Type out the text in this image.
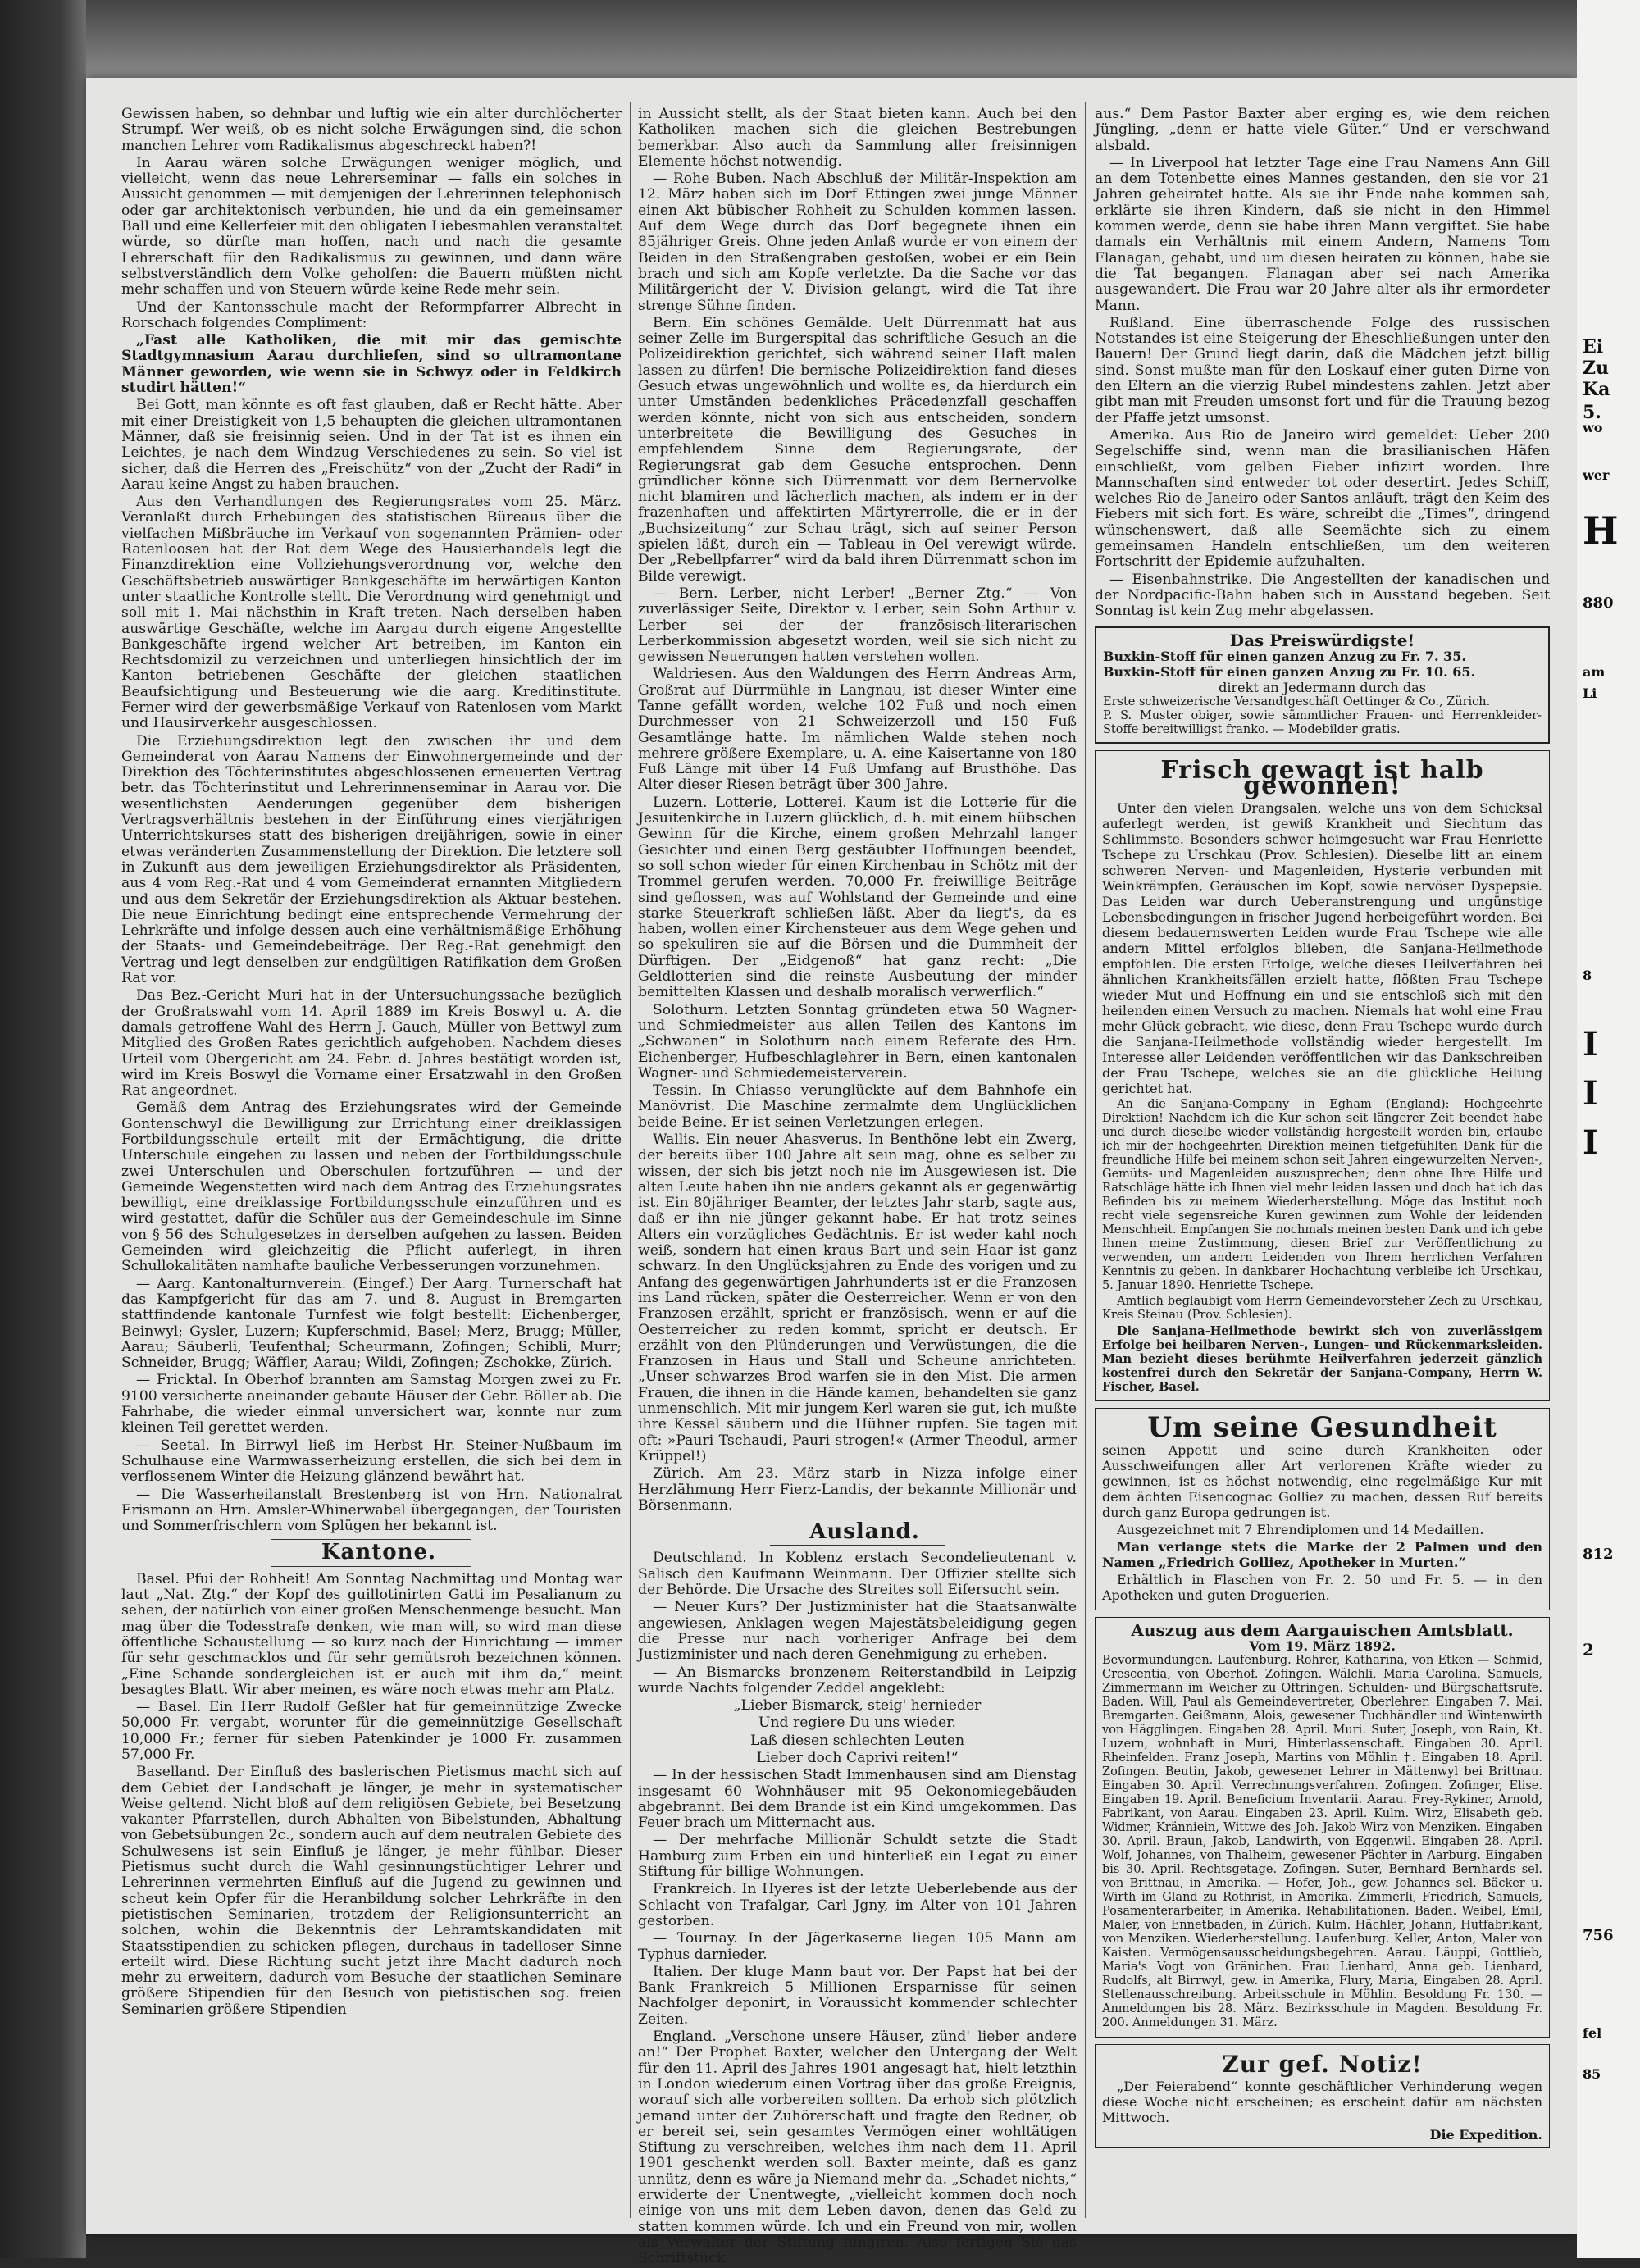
Gewissen haben, so dehnbar und luftig wie ein alter durchlöcherter Strumpf. Wer weiß, ob es nicht solche Erwägungen sind, die schon manchen Lehrer vom Radikalismus abgeschreckt haben?!

In Aarau wären solche Erwägungen weniger möglich, und vielleicht, wenn das neue Lehrerseminar — falls ein solches in Aussicht genommen — mit demjenigen der Lehrerinnen telephonisch oder gar architektonisch verbunden, hie und da ein gemeinsamer Ball und eine Kellerfeier mit den obligaten Liebesmahlen veranstaltet würde, so dürfte man hoffen, nach und nach die gesamte Lehrerschaft für den Radikalismus zu gewinnen, und dann wäre selbstverständlich dem Volke geholfen: die Bauern müßten nicht mehr schaffen und von Steuern würde keine Rede mehr sein.

Und der Kantonsschule macht der Reformpfarrer Albrecht in Rorschach folgendes Compliment:

„Fast alle Katholiken, die mit mir das gemischte Stadtgymnasium Aarau durchliefen, sind so ultramontane Männer geworden, wie wenn sie in Schwyz oder in Feldkirch studirt hätten!“

Bei Gott, man könnte es oft fast glauben, daß er Recht hätte. Aber mit einer Dreistigkeit von 1,5 behaupten die gleichen ultramontanen Männer, daß sie freisinnig seien. Und in der Tat ist es ihnen ein Leichtes, je nach dem Windzug Verschiedenes zu sein. So viel ist sicher, daß die Herren des „Freischütz“ von der „Zucht der Radi“ in Aarau keine Angst zu haben brauchen.

Aus den Verhandlungen des Regierungsrates vom 25. März. Veranlaßt durch Erhebungen des statistischen Büreaus über die vielfachen Mißbräuche im Verkauf von sogenannten Prämien- oder Ratenloosen hat der Rat dem Wege des Hausierhandels legt die Finanzdirektion eine Vollziehungsverordnung vor, welche den Geschäftsbetrieb auswärtiger Bankgeschäfte im herwärtigen Kanton unter staatliche Kontrolle stellt. Die Verordnung wird genehmigt und soll mit 1. Mai nächsthin in Kraft treten. Nach derselben haben auswärtige Geschäfte, welche im Aargau durch eigene Angestellte Bankgeschäfte irgend welcher Art betreiben, im Kanton ein Rechtsdomizil zu verzeichnen und unterliegen hinsichtlich der im Kanton betriebenen Geschäfte der gleichen staatlichen Beaufsichtigung und Besteuerung wie die aarg. Kreditinstitute. Ferner wird der gewerbsmäßige Verkauf von Ratenlosen vom Markt und Hausirverkehr ausgeschlossen.

Die Erziehungsdirektion legt den zwischen ihr und dem Gemeinderat von Aarau Namens der Einwohnergemeinde und der Direktion des Töchterinstitutes abgeschlossenen erneuerten Vertrag betr. das Töchterinstitut und Lehrerinnenseminar in Aarau vor. Die wesentlichsten Aenderungen gegenüber dem bisherigen Vertragsverhältnis bestehen in der Einführung eines vierjährigen Unterrichtskurses statt des bisherigen dreijährigen, sowie in einer etwas veränderten Zusammenstellung der Direktion. Die letztere soll in Zukunft aus dem jeweiligen Erziehungsdirektor als Präsidenten, aus 4 vom Reg.-Rat und 4 vom Gemeinderat ernannten Mitgliedern und aus dem Sekretär der Erziehungsdirektion als Aktuar bestehen. Die neue Einrichtung bedingt eine entsprechende Vermehrung der Lehrkräfte und infolge dessen auch eine verhältnismäßige Erhöhung der Staats- und Gemeindebeiträge. Der Reg.-Rat genehmigt den Vertrag und legt denselben zur endgültigen Ratifikation dem Großen Rat vor.

Das Bez.-Gericht Muri hat in der Untersuchungssache bezüglich der Großratswahl vom 14. April 1889 im Kreis Boswyl u. A. die damals getroffene Wahl des Herrn J. Gauch, Müller von Bettwyl zum Mitglied des Großen Rates gerichtlich aufgehoben. Nachdem dieses Urteil vom Obergericht am 24. Febr. d. Jahres bestätigt worden ist, wird im Kreis Boswyl die Vorname einer Ersatzwahl in den Großen Rat angeordnet.

Gemäß dem Antrag des Erziehungsrates wird der Gemeinde Gontenschwyl die Bewilligung zur Errichtung einer dreiklassigen Fortbildungsschule erteilt mit der Ermächtigung, die dritte Unterschule eingehen zu lassen und neben der Fortbildungsschule zwei Unterschulen und Oberschulen fortzuführen — und der Gemeinde Wegenstetten wird nach dem Antrag des Erziehungsrates bewilligt, eine dreiklassige Fortbildungsschule einzuführen und es wird gestattet, dafür die Schüler aus der Gemeindeschule im Sinne von § 56 des Schulgesetzes in derselben aufgehen zu lassen. Beiden Gemeinden wird gleichzeitig die Pflicht auferlegt, in ihren Schullokalitäten namhafte bauliche Verbesserungen vorzunehmen.

— Aarg. Kantonalturnverein. (Eingef.) Der Aarg. Turnerschaft hat das Kampfgericht für das am 7. und 8. August in Bremgarten stattfindende kantonale Turnfest wie folgt bestellt: Eichenberger, Beinwyl; Gysler, Luzern; Kupferschmid, Basel; Merz, Brugg; Müller, Aarau; Säuberli, Teufenthal; Scheurmann, Zofingen; Schibli, Murr; Schneider, Brugg; Wäffler, Aarau; Wildi, Zofingen; Zschokke, Zürich.

— Fricktal. In Oberhof brannten am Samstag Morgen zwei zu Fr. 9100 versicherte aneinander gebaute Häuser der Gebr. Böller ab. Die Fahrhabe, die wieder einmal unversichert war, konnte nur zum kleinen Teil gerettet werden.

— Seetal. In Birrwyl ließ im Herbst Hr. Steiner-Nußbaum im Schulhause eine Warmwasserheizung erstellen, die sich bei dem in verflossenem Winter die Heizung glänzend bewährt hat.

— Die Wasserheilanstalt Brestenberg ist von Hrn. Nationalrat Erismann an Hrn. Amsler-Whinerwabel übergegangen, der Touristen und Sommerfrischlern vom Splügen her bekannt ist.

Kantone.

Basel. Pfui der Rohheit! Am Sonntag Nachmittag und Montag war laut „Nat. Ztg.“ der Kopf des guillotinirten Gatti im Pesalianum zu sehen, der natürlich von einer großen Menschenmenge besucht. Man mag über die Todesstrafe denken, wie man will, so wird man diese öffentliche Schaustellung — so kurz nach der Hinrichtung — immer für sehr geschmacklos und für sehr gemütsroh bezeichnen können. „Eine Schande sondergleichen ist er auch mit ihm da,“ meint besagtes Blatt. Wir aber meinen, es wäre noch etwas mehr am Platz.

— Basel. Ein Herr Rudolf Geßler hat für gemeinnützige Zwecke 50,000 Fr. vergabt, worunter für die gemeinnützige Gesellschaft 10,000 Fr.; ferner für sieben Patenkinder je 1000 Fr. zusammen 57,000 Fr.

Baselland. Der Einfluß des baslerischen Pietismus macht sich auf dem Gebiet der Landschaft je länger, je mehr in systematischer Weise geltend. Nicht bloß auf dem religiösen Gebiete, bei Besetzung vakanter Pfarrstellen, durch Abhalten von Bibelstunden, Abhaltung von Gebetsübungen 2c., sondern auch auf dem neutralen Gebiete des Schulwesens ist sein Einfluß je länger, je mehr fühlbar. Dieser Pietismus sucht durch die Wahl gesinnungstüchtiger Lehrer und Lehrerinnen vermehrten Einfluß auf die Jugend zu gewinnen und scheut kein Opfer für die Heranbildung solcher Lehrkräfte in den pietistischen Seminarien, trotzdem der Religionsunterricht an solchen, wohin die Bekenntnis der Lehramtskandidaten mit Staatsstipendien zu schicken pflegen, durchaus in tadelloser Sinne erteilt wird. Diese Richtung sucht jetzt ihre Macht dadurch noch mehr zu erweitern, dadurch vom Besuche der staatlichen Seminare größere Stipendien für den Besuch von pietistischen sog. freien Seminarien größere Stipendien

in Aussicht stellt, als der Staat bieten kann. Auch bei den Katholiken machen sich die gleichen Bestrebungen bemerkbar. Also auch da Sammlung aller freisinnigen Elemente höchst notwendig.

— Rohe Buben. Nach Abschluß der Militär-Inspektion am 12. März haben sich im Dorf Ettingen zwei junge Männer einen Akt bübischer Rohheit zu Schulden kommen lassen. Auf dem Wege durch das Dorf begegnete ihnen ein 85jähriger Greis. Ohne jeden Anlaß wurde er von einem der Beiden in den Straßengraben gestoßen, wobei er ein Bein brach und sich am Kopfe verletzte. Da die Sache vor das Militärgericht der V. Division gelangt, wird die Tat ihre strenge Sühne finden.

Bern. Ein schönes Gemälde. Uelt Dürrenmatt hat aus seiner Zelle im Burgerspital das schriftliche Gesuch an die Polizeidirektion gerichtet, sich während seiner Haft malen lassen zu dürfen! Die bernische Polizeidirektion fand dieses Gesuch etwas ungewöhnlich und wollte es, da hierdurch ein unter Umständen bedenkliches Präcedenzfall geschaffen werden könnte, nicht von sich aus entscheiden, sondern unterbreitete die Bewilligung des Gesuches in empfehlendem Sinne dem Regierungsrate, der Regierungsrat gab dem Gesuche entsprochen. Denn gründlicher könne sich Dürrenmatt vor dem Bernervolke nicht blamiren und lächerlich machen, als indem er in der frazenhaften und affektirten Märtyrerrolle, die er in der „Buchsizeitung“ zur Schau trägt, sich auf seiner Person spielen läßt, durch ein — Tableau in Oel verewigt würde. Der „Rebellpfarrer“ wird da bald ihren Dürrenmatt schon im Bilde verewigt.

— Bern. Lerber, nicht Lerber! „Berner Ztg.“ — Von zuverlässiger Seite, Direktor v. Lerber, sein Sohn Arthur v. Lerber sei der der französisch-literarischen Lerberkommission abgesetzt worden, weil sie sich nicht zu gewissen Neuerungen hatten verstehen wollen.

Waldriesen. Aus den Waldungen des Herrn Andreas Arm, Großrat auf Dürrmühle in Langnau, ist dieser Winter eine Tanne gefällt worden, welche 102 Fuß und noch einen Durchmesser von 21 Schweizerzoll und 150 Fuß Gesamtlänge hatte. Im nämlichen Walde stehen noch mehrere größere Exemplare, u. A. eine Kaisertanne von 180 Fuß Länge mit über 14 Fuß Umfang auf Brusthöhe. Das Alter dieser Riesen beträgt über 300 Jahre.

Luzern. Lotterie, Lotterei. Kaum ist die Lotterie für die Jesuitenkirche in Luzern glücklich, d. h. mit einem hübschen Gewinn für die Kirche, einem großen Mehrzahl langer Gesichter und einen Berg gestäubter Hoffnungen beendet, so soll schon wieder für einen Kirchenbau in Schötz mit der Trommel gerufen werden. 70,000 Fr. freiwillige Beiträge sind geflossen, was auf Wohlstand der Gemeinde und eine starke Steuerkraft schließen läßt. Aber da liegt's, da es haben, wollen einer Kirchensteuer aus dem Wege gehen und so spekuliren sie auf die Börsen und die Dummheit der Dürftigen. Der „Eidgenoß“ hat ganz recht: „Die Geldlotterien sind die reinste Ausbeutung der minder bemittelten Klassen und deshalb moralisch verwerflich.“

Solothurn. Letzten Sonntag gründeten etwa 50 Wagner- und Schmiedmeister aus allen Teilen des Kantons im „Schwanen“ in Solothurn nach einem Referate des Hrn. Eichenberger, Hufbeschlaglehrer in Bern, einen kantonalen Wagner- und Schmiedemeisterverein.

Tessin. In Chiasso verunglückte auf dem Bahnhofe ein Manövrist. Die Maschine zermalmte dem Unglücklichen beide Beine. Er ist seinen Verletzungen erlegen.

Wallis. Ein neuer Ahasverus. In Benthöne lebt ein Zwerg, der bereits über 100 Jahre alt sein mag, ohne es selber zu wissen, der sich bis jetzt noch nie im Ausgewiesen ist. Die alten Leute haben ihn nie anders gekannt als er gegenwärtig ist. Ein 80jähriger Beamter, der letztes Jahr starb, sagte aus, daß er ihn nie jünger gekannt habe. Er hat trotz seines Alters ein vorzügliches Gedächtnis. Er ist weder kahl noch weiß, sondern hat einen kraus Bart und sein Haar ist ganz schwarz. In den Unglücksjahren zu Ende des vorigen und zu Anfang des gegenwärtigen Jahrhunderts ist er die Franzosen ins Land rücken, später die Oesterreicher. Wenn er von den Franzosen erzählt, spricht er französisch, wenn er auf die Oesterreicher zu reden kommt, spricht er deutsch. Er erzählt von den Plünderungen und Verwüstungen, die die Franzosen in Haus und Stall und Scheune anrichteten. „Unser schwarzes Brod warfen sie in den Mist. Die armen Frauen, die ihnen in die Hände kamen, behandelten sie ganz unmenschlich. Mit mir jungem Kerl waren sie gut, ich mußte ihre Kessel säubern und die Hühner rupfen. Sie tagen mit oft: »Pauri Tschaudi, Pauri strogen!« (Armer Theodul, armer Krüppel!)

Zürich. Am 23. März starb in Nizza infolge einer Herzlähmung Herr Fierz-Landis, der bekannte Millionär und Börsenmann.

Ausland.

Deutschland. In Koblenz erstach Secondelieutenant v. Salisch den Kaufmann Weinmann. Der Offizier stellte sich der Behörde. Die Ursache des Streites soll Eifersucht sein.

— Neuer Kurs? Der Justizminister hat die Staatsanwälte angewiesen, Anklagen wegen Majestätsbeleidigung gegen die Presse nur nach vorheriger Anfrage bei dem Justizminister und nach deren Genehmigung zu erheben.

— An Bismarcks bronzenem Reiterstandbild in Leipzig wurde Nachts folgender Zeddel angeklebt:

„Lieber Bismarck, steig' hernieder

Und regiere Du uns wieder.

Laß diesen schlechten Leuten

Lieber doch Caprivi reiten!“

— In der hessischen Stadt Immenhausen sind am Dienstag insgesamt 60 Wohnhäuser mit 95 Oekonomiegebäuden abgebrannt. Bei dem Brande ist ein Kind umgekommen. Das Feuer brach um Mitternacht aus.

— Der mehrfache Millionär Schuldt setzte die Stadt Hamburg zum Erben ein und hinterließ ein Legat zu einer Stiftung für billige Wohnungen.

Frankreich. In Hyeres ist der letzte Ueberlebende aus der Schlacht von Trafalgar, Carl Jgny, im Alter von 101 Jahren gestorben.

— Tournay. In der Jägerkaserne liegen 105 Mann am Typhus darnieder.

Italien. Der kluge Mann baut vor. Der Papst hat bei der Bank Frankreich 5 Millionen Ersparnisse für seinen Nachfolger deponirt, in Voraussicht kommender schlechter Zeiten.

England. „Verschone unsere Häuser, zünd' lieber andere an!“ Der Prophet Baxter, welcher den Untergang der Welt für den 11. April des Jahres 1901 angesagt hat, hielt letzthin in London wiederum einen Vortrag über das große Ereignis, worauf sich alle vorbereiten sollten. Da erhob sich plötzlich jemand unter der Zuhörerschaft und fragte den Redner, ob er bereit sei, sein gesamtes Vermögen einer wohltätigen Stiftung zu verschreiben, welches ihm nach dem 11. April 1901 geschenkt werden soll. Baxter meinte, daß es ganz unnütz, denn es wäre ja Niemand mehr da. „Schadet nichts,“ erwiderte der Unentwegte, „vielleicht kommen doch noch einige von uns mit dem Leben davon, denen das Geld zu statten kommen würde. Ich und ein Freund von mir, wollen als Verwalter der Stiftung fungiren. Also fertigen Sie das Schriftstück

aus.“ Dem Pastor Baxter aber erging es, wie dem reichen Jüngling, „denn er hatte viele Güter.“ Und er verschwand alsbald.

— In Liverpool hat letzter Tage eine Frau Namens Ann Gill an dem Totenbette eines Mannes gestanden, den sie vor 21 Jahren geheiratet hatte. Als sie ihr Ende nahe kommen sah, erklärte sie ihren Kindern, daß sie nicht in den Himmel kommen werde, denn sie habe ihren Mann vergiftet. Sie habe damals ein Verhältnis mit einem Andern, Namens Tom Flanagan, gehabt, und um diesen heiraten zu können, habe sie die Tat begangen. Flanagan aber sei nach Amerika ausgewandert. Die Frau war 20 Jahre alter als ihr ermordeter Mann.

Rußland. Eine überraschende Folge des russischen Notstandes ist eine Steigerung der Eheschließungen unter den Bauern! Der Grund liegt darin, daß die Mädchen jetzt billig sind. Sonst mußte man für den Loskauf einer guten Dirne von den Eltern an die vierzig Rubel mindestens zahlen. Jetzt aber gibt man mit Freuden umsonst fort und für die Trauung bezog der Pfaffe jetzt umsonst.

Amerika. Aus Rio de Janeiro wird gemeldet: Ueber 200 Segelschiffe sind, wenn man die brasilianischen Häfen einschließt, vom gelben Fieber infizirt worden. Ihre Mannschaften sind entweder tot oder desertirt. Jedes Schiff, welches Rio de Janeiro oder Santos anläuft, trägt den Keim des Fiebers mit sich fort. Es wäre, schreibt die „Times“, dringend wünschenswert, daß alle Seemächte sich zu einem gemeinsamen Handeln entschließen, um den weiteren Fortschritt der Epidemie aufzuhalten.

— Eisenbahnstrike. Die Angestellten der kanadischen und der Nordpacific-Bahn haben sich in Ausstand begeben. Seit Sonntag ist kein Zug mehr abgelassen.

Das Preiswürdigste!
Buxkin-Stoff für einen ganzen Anzug zu Fr. 7. 35.
Buxkin-Stoff für einen ganzen Anzug zu Fr. 10. 65.
direkt an Jedermann durch das
Erste schweizerische Versandtgeschäft Oettinger & Co., Zürich.
P. S. Muster obiger, sowie sämmtlicher Frauen- und Herrenkleider-Stoffe bereitwilligst franko. — Modebilder gratis.
Frisch gewagt ist halb gewonnen!

Unter den vielen Drangsalen, welche uns von dem Schicksal auferlegt werden, ist gewiß Krankheit und Siechtum das Schlimmste. Besonders schwer heimgesucht war Frau Henriette Tschepe zu Urschkau (Prov. Schlesien). Dieselbe litt an einem schweren Nerven- und Magenleiden, Hysterie verbunden mit Weinkrämpfen, Geräuschen im Kopf, sowie nervöser Dyspepsie. Das Leiden war durch Ueberanstrengung und ungünstige Lebensbedingungen in frischer Jugend herbeigeführt worden. Bei diesem bedauernswerten Leiden wurde Frau Tschepe wie alle andern Mittel erfolglos blieben, die Sanjana-Heilmethode empfohlen. Die ersten Erfolge, welche dieses Heilverfahren bei ähnlichen Krankheitsfällen erzielt hatte, flößten Frau Tschepe wieder Mut und Hoffnung ein und sie entschloß sich mit den heilenden einen Versuch zu machen. Niemals hat wohl eine Frau mehr Glück gebracht, wie diese, denn Frau Tschepe wurde durch die Sanjana-Heilmethode vollständig wieder hergestellt. Im Interesse aller Leidenden veröffentlichen wir das Dankschreiben der Frau Tschepe, welches sie an die glückliche Heilung gerichtet hat.

An die Sanjana-Company in Egham (England): Hochgeehrte Direktion! Nachdem ich die Kur schon seit längerer Zeit beendet habe und durch dieselbe wieder vollständig hergestellt worden bin, erlaube ich mir der hochgeehrten Direktion meinen tiefgefühlten Dank für die freundliche Hilfe bei meinem schon seit Jahren eingewurzelten Nerven-, Gemüts- und Magenleiden auszusprechen; denn ohne Ihre Hilfe und Ratschläge hätte ich Ihnen viel mehr leiden lassen und doch hat ich das Befinden bis zu meinem Wiederherstellung. Möge das Institut noch recht viele segensreiche Kuren gewinnen zum Wohle der leidenden Menschheit. Empfangen Sie nochmals meinen besten Dank und ich gebe Ihnen meine Zustimmung, diesen Brief zur Veröffentlichung zu verwenden, um andern Leidenden von Ihrem herrlichen Verfahren Kenntnis zu geben. In dankbarer Hochachtung verbleibe ich Urschkau, 5. Januar 1890. Henriette Tschepe.

Amtlich beglaubigt vom Herrn Gemeindevorsteher Zech zu Urschkau, Kreis Steinau (Prov. Schlesien).

Die Sanjana-Heilmethode bewirkt sich von zuverlässigem Erfolge bei heilbaren Nerven-, Lungen- und Rückenmarksleiden. Man bezieht dieses berühmte Heilverfahren jederzeit gänzlich kostenfrei durch den Sekretär der Sanjana-Company, Herrn W. Fischer, Basel.

Um seine Gesundheit

seinen Appetit und seine durch Krankheiten oder Ausschweifungen aller Art verlorenen Kräfte wieder zu gewinnen, ist es höchst notwendig, eine regelmäßige Kur mit dem ächten Eisencognac Golliez zu machen, dessen Ruf bereits durch ganz Europa gedrungen ist.

Ausgezeichnet mit 7 Ehrendiplomen und 14 Medaillen.

Man verlange stets die Marke der 2 Palmen und den Namen „Friedrich Golliez, Apotheker in Murten.“

Erhältlich in Flaschen von Fr. 2. 50 und Fr. 5. — in den Apotheken und guten Droguerien.

Auszug aus dem Aargauischen Amtsblatt.
Vom 19. März 1892.

Bevormundungen. Laufenburg. Rohrer, Katharina, von Etken — Schmid, Crescentia, von Oberhof. Zofingen. Wälchli, Maria Carolina, Samuels, Zimmermann im Weicher zu Oftringen. Schulden- und Bürgschaftsrufe. Baden. Will, Paul als Gemeindevertreter, Oberlehrer. Eingaben 7. Mai. Bremgarten. Geißmann, Alois, gewesener Tuchhändler und Wintenwirth von Hägglingen. Eingaben 28. April. Muri. Suter, Joseph, von Rain, Kt. Luzern, wohnhaft in Muri, Hinterlassenschaft. Eingaben 30. April. Rheinfelden. Franz Joseph, Martins von Möhlin †. Eingaben 18. April. Zofingen. Beutin, Jakob, gewesener Lehrer in Mättenwyl bei Brittnau. Eingaben 30. April. Verrechnungsverfahren. Zofingen. Zofinger, Elise. Eingaben 19. April. Beneficium Inventarii. Aarau. Frey-Rykiner, Arnold, Fabrikant, von Aarau. Eingaben 23. April. Kulm. Wirz, Elisabeth geb. Widmer, Kränniein, Wittwe des Joh. Jakob Wirz von Menziken. Eingaben 30. April. Braun, Jakob, Landwirth, von Eggenwil. Eingaben 28. April. Wolf, Johannes, von Thalheim, gewesener Pächter in Aarburg. Eingaben bis 30. April. Rechtsgetage. Zofingen. Suter, Bernhard Bernhards sel. von Brittnau, in Amerika. — Hofer, Joh., gew. Johannes sel. Bäcker u. Wirth im Gland zu Rothrist, in Amerika. Zimmerli, Friedrich, Samuels, Posamenterarbeiter, in Amerika. Rehabilitationen. Baden. Weibel, Emil, Maler, von Ennetbaden, in Zürich. Kulm. Hächler, Johann, Hutfabrikant, von Menziken. Wiederherstellung. Laufenburg. Keller, Anton, Maler von Kaisten. Vermögensausscheidungsbegehren. Aarau. Läuppi, Gottlieb, Maria's Vogt von Gränichen. Frau Lienhard, Anna geb. Lienhard, Rudolfs, alt Birrwyl, gew. in Amerika, Flury, Maria, Eingaben 28. April. Stellenausschreibung. Arbeitsschule in Möhlin. Besoldung Fr. 130. — Anmeldungen bis 28. März. Bezirksschule in Magden. Besoldung Fr. 200. Anmeldungen 31. März.

Zur gef. Notiz!

„Der Feierabend“ konnte geschäftlicher Verhinderung wegen diese Woche nicht erscheinen; es erscheint dafür am nächsten Mittwoch.

Die Expedition.
Ei
Zu
Ka
5.
wo
wer
H
880
am
Li
8
I
I
I
812
2
756
fel
85
